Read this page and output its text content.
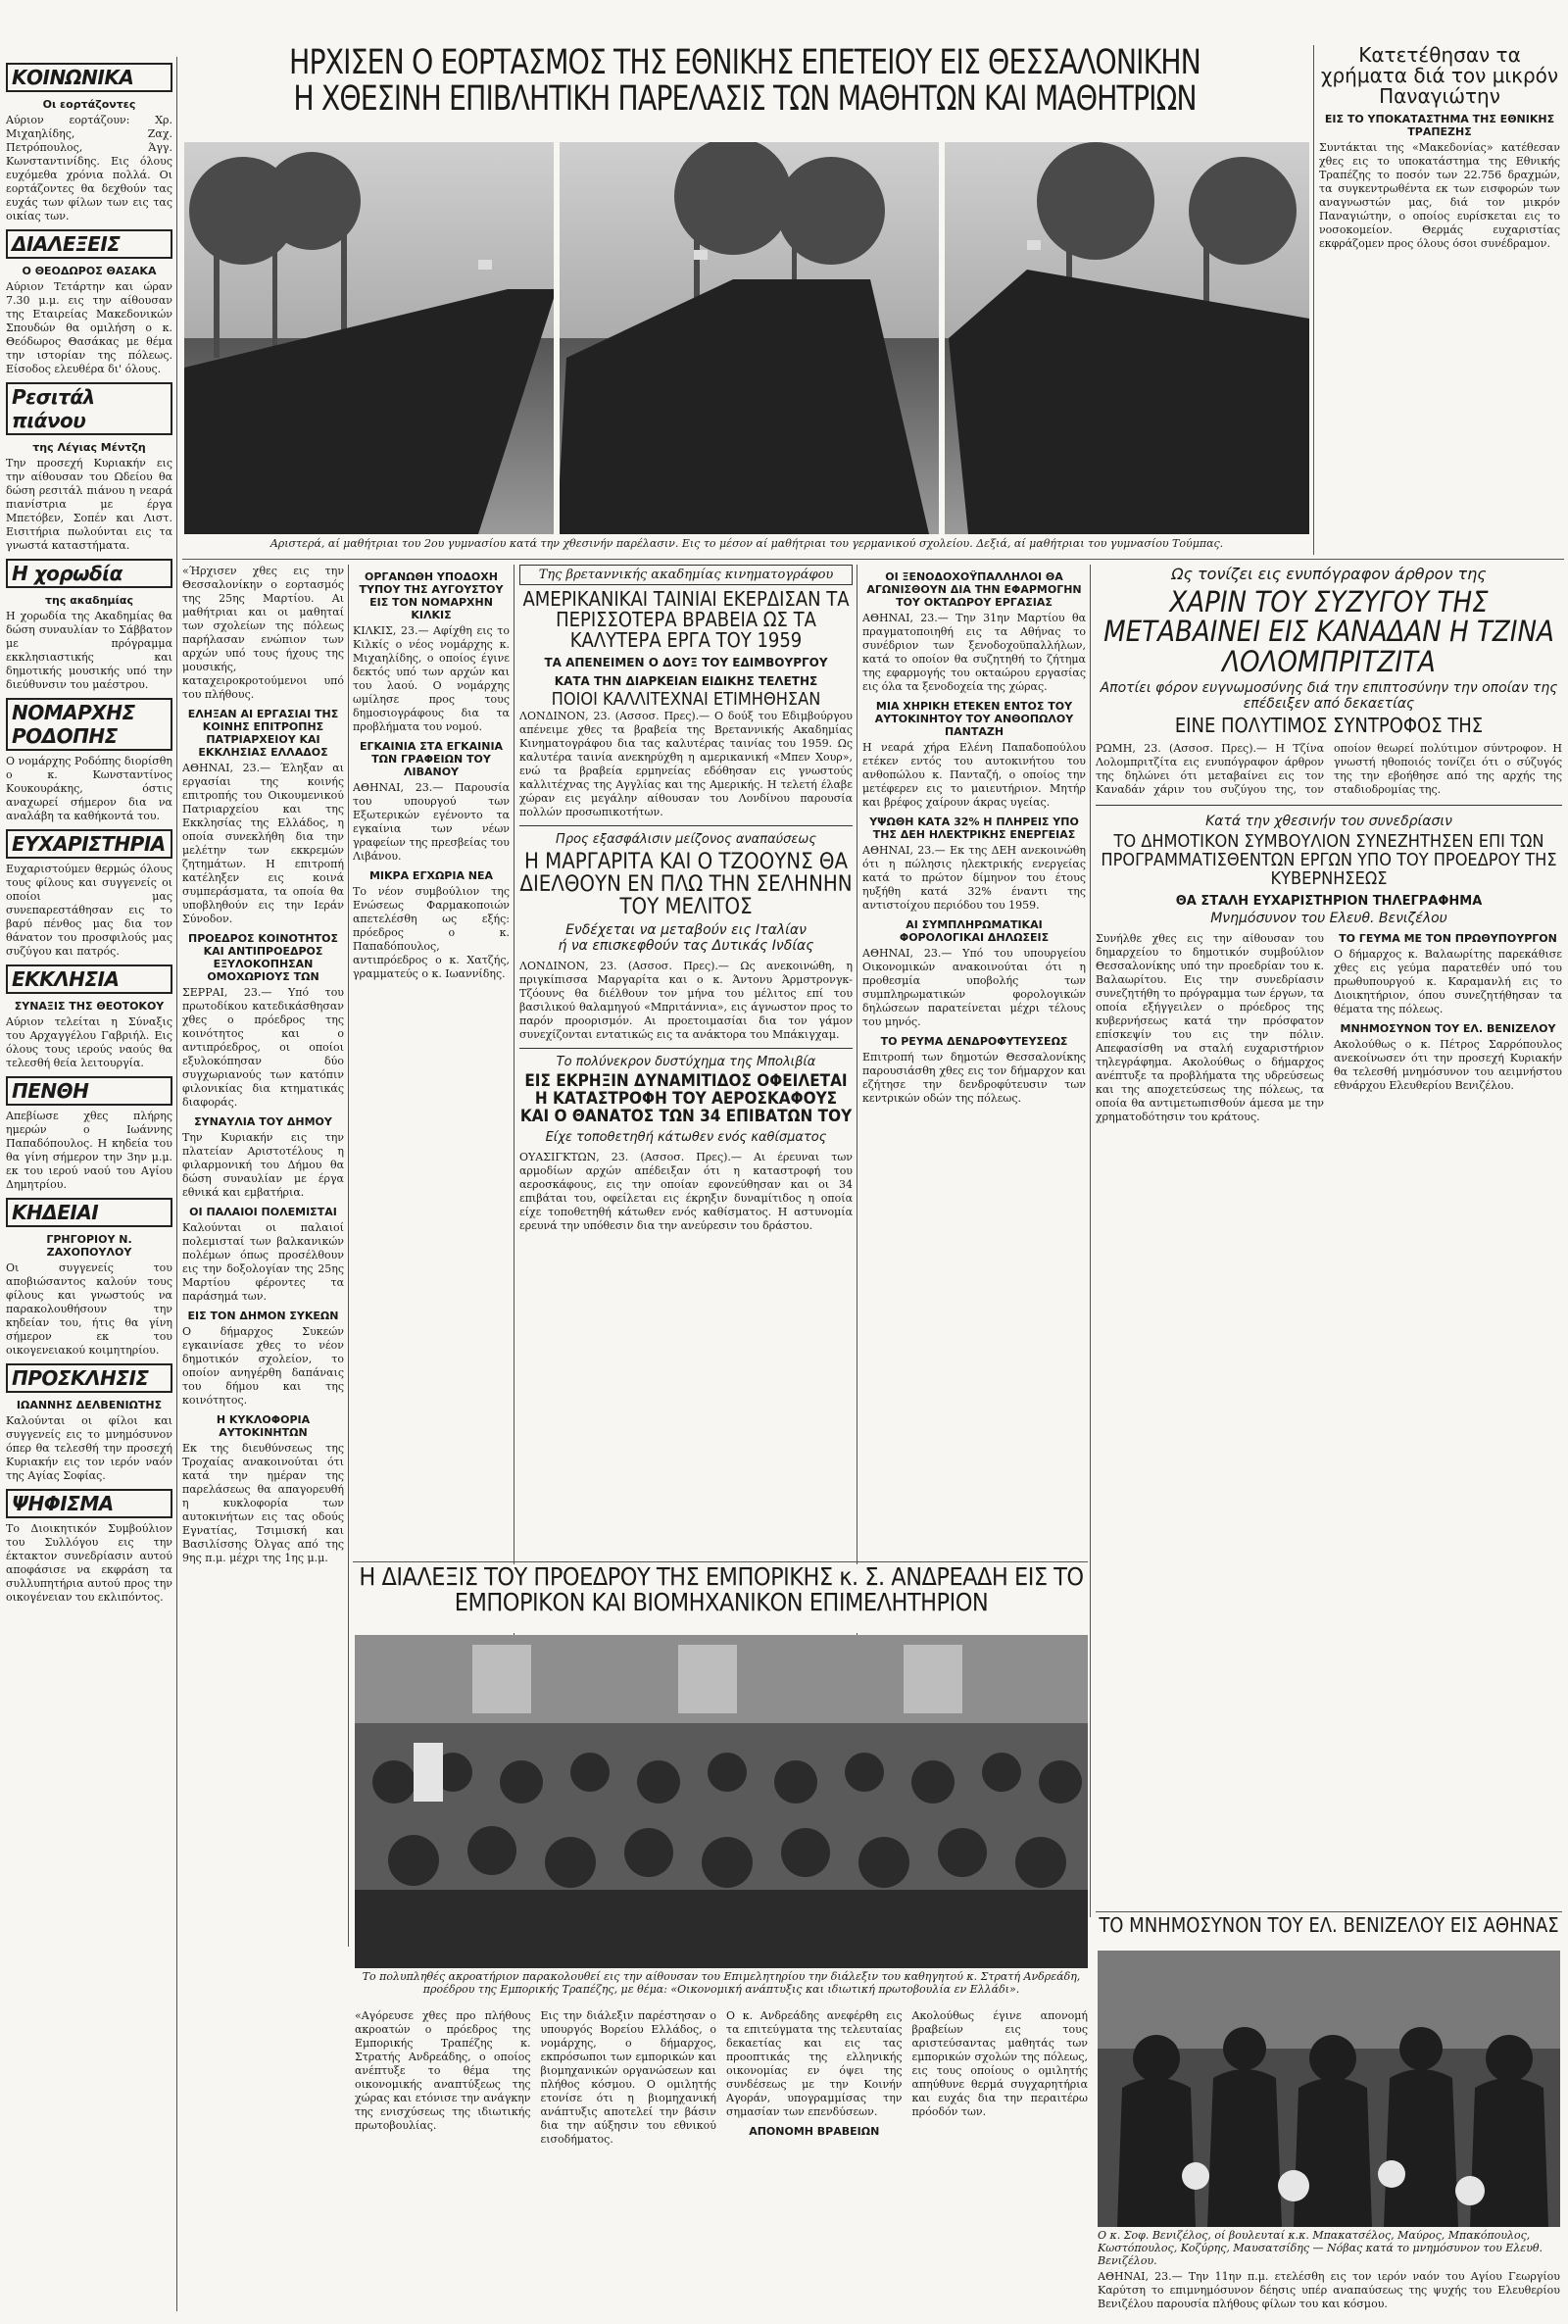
ΚΟΙΝΩΝΙΚΑ
Οι εορτάζοντες

Αύριον εορτάζουν: Χρ. Μιχαηλίδης, Ζαχ. Πετρόπουλος, Άγγ. Κωνσταντινίδης. Εις όλους ευχόμεθα χρόνια πολλά. Οι εορτάζοντες θα δεχθούν τας ευχάς των φίλων των εις τας οικίας των.

ΔΙΑΛΕΞΕΙΣ
Ο ΘΕΟΔΩΡΟΣ ΘΑΣΑΚΑ

Αύριον Τετάρτην και ώραν 7.30 μ.μ. εις την αίθουσαν της Εταιρείας Μακεδονικών Σπουδών θα ομιλήση ο κ. Θεόδωρος Θασάκας με θέμα την ιστορίαν της πόλεως. Είσοδος ελευθέρα δι' όλους.

Ρεσιτάλ πιάνου
της Λέγιας Μέντζη

Την προσεχή Κυριακήν εις την αίθουσαν του Ωδείου θα δώση ρεσιτάλ πιάνου η νεαρά πιανίστρια με έργα Μπετόβεν, Σοπέν και Λιστ. Εισιτήρια πωλούνται εις τα γνωστά καταστήματα.

Η χορωδία
της ακαδημίας

Η χορωδία της Ακαδημίας θα δώση συναυλίαν το Σάββατον με πρόγραμμα εκκλησιαστικής και δημοτικής μουσικής υπό την διεύθυνσιν του μαέστρου.

ΝΟΜΑΡΧΗΣ ΡΟΔΟΠΗΣ

Ο νομάρχης Ροδόπης διορίσθη ο κ. Κωνσταντίνος Κουκουράκης, όστις αναχωρεί σήμερον δια να αναλάβη τα καθήκοντά του.

ΕΥΧΑΡΙΣΤΗΡΙΑ

Ευχαριστούμεν θερμώς όλους τους φίλους και συγγενείς οι οποίοι μας συνεπαρεστάθησαν εις το βαρύ πένθος μας δια τον θάνατον του προσφιλούς μας συζύγου και πατρός.

ΕΚΚΛΗΣΙΑ
ΣΥΝΑΞΙΣ ΤΗΣ ΘΕΟΤΟΚΟΥ

Αύριον τελείται η Σύναξις του Αρχαγγέλου Γαβριήλ. Εις όλους τους ιερούς ναούς θα τελεσθή θεία λειτουργία.

ΠΕΝΘΗ

Απεβίωσε χθες πλήρης ημερών ο Ιωάννης Παπαδόπουλος. Η κηδεία του θα γίνη σήμερον την 3ην μ.μ. εκ του ιερού ναού του Αγίου Δημητρίου.

ΚΗΔΕΙΑΙ
ΓΡΗΓΟΡΙΟΥ Ν. ΖΑΧΟΠΟΥΛΟΥ

Οι συγγενείς του αποβιώσαντος καλούν τους φίλους και γνωστούς να παρακολουθήσουν την κηδείαν του, ήτις θα γίνη σήμερον εκ του οικογενειακού κοιμητηρίου.

ΠΡΟΣΚΛΗΣΙΣ
ΙΩΑΝΝΗΣ ΔΕΛΒΕΝΙΩΤΗΣ

Καλούνται οι φίλοι και συγγενείς εις το μνημόσυνον όπερ θα τελεσθή την προσεχή Κυριακήν εις τον ιερόν ναόν της Αγίας Σοφίας.

ΨΗΦΙΣΜΑ

Το Διοικητικόν Συμβούλιον του Συλλόγου εις την έκτακτον συνεδρίασιν αυτού αποφάσισε να εκφράση τα συλλυπητήρια αυτού προς την οικογένειαν του εκλιπόντος.

ΗΡΧΙΣΕΝ Ο ΕΟΡΤΑΣΜΟΣ ΤΗΣ ΕΘΝΙΚΗΣ ΕΠΕΤΕΙΟΥ ΕΙΣ ΘΕΣΣΑΛΟΝΙΚΗΝ
Η ΧΘΕΣΙΝΗ ΕΠΙΒΛΗΤΙΚΗ ΠΑΡΕΛΑΣΙΣ ΤΩΝ ΜΑΘΗΤΩΝ ΚΑΙ ΜΑΘΗΤΡΙΩΝ
Αριστερά, αί μαθήτριαι του 2ου γυμνασίου κατά την χθεσινήν παρέλασιν. Εις το μέσον αί μαθήτριαι του γερμανικού σχολείου. Δεξιά, αί μαθήτριαι του γυμνασίου Τούμπας.
Κατετέθησαν τα χρήματα διά τον μικρόν Παναγιώτην
ΕΙΣ ΤΟ ΥΠΟΚΑΤΑΣΤΗΜΑ ΤΗΣ ΕΘΝΙΚΗΣ ΤΡΑΠΕΖΗΣ

Συντάκται της «Μακεδονίας» κατέθεσαν χθες εις το υποκατάστημα της Εθνικής Τραπέζης το ποσόν των 22.756 δραχμών, τα συγκεντρωθέντα εκ των εισφορών των αναγνωστών μας, διά τον μικρόν Παναγιώτην, ο οποίος ευρίσκεται εις το νοσοκομείον. Θερμάς ευχαριστίας εκφράζομεν προς όλους όσοι συνέδραμον.

«Ήρχισεν χθες εις την Θεσσαλονίκην ο εορτασμός της 25ης Μαρτίου. Αι μαθήτριαι και οι μαθηταί των σχολείων της πόλεως παρήλασαν ενώπιον των αρχών υπό τους ήχους της μουσικής, καταχειροκροτούμενοι υπό του πλήθους.

ΕΛΗΞΑΝ ΑΙ ΕΡΓΑΣΙΑΙ ΤΗΣ ΚΟΙΝΗΣ ΕΠΙΤΡΟΠΗΣ ΠΑΤΡΙΑΡΧΕΙΟΥ ΚΑΙ ΕΚΚΛΗΣΙΑΣ ΕΛΛΑΔΟΣ

ΑΘΗΝΑΙ, 23.— Έληξαν αι εργασίαι της κοινής επιτροπής του Οικουμενικού Πατριαρχείου και της Εκκλησίας της Ελλάδος, η οποία συνεκλήθη δια την μελέτην των εκκρεμών ζητημάτων. Η επιτροπή κατέληξεν εις κοινά συμπεράσματα, τα οποία θα υποβληθούν εις την Ιεράν Σύνοδον.

ΠΡΟΕΔΡΟΣ ΚΟΙΝΟΤΗΤΟΣ ΚΑΙ ΑΝΤΙΠΡΟΕΔΡΟΣ ΕΞΥΛΟΚΟΠΗΣΑΝ ΟΜΟΧΩΡΙΟΥΣ ΤΩΝ

ΣΕΡΡΑΙ, 23.— Υπό του πρωτοδίκου κατεδικάσθησαν χθες ο πρόεδρος της κοινότητος και ο αντιπρόεδρος, οι οποίοι εξυλοκόπησαν δύο συγχωριανούς των κατόπιν φιλονικίας δια κτηματικάς διαφοράς.

ΣΥΝΑΥΛΙΑ ΤΟΥ ΔΗΜΟΥ

Την Κυριακήν εις την πλατείαν Αριστοτέλους η φιλαρμονική του Δήμου θα δώση συναυλίαν με έργα εθνικά και εμβατήρια.

ΟΙ ΠΑΛΑΙΟΙ ΠΟΛΕΜΙΣΤΑΙ

Καλούνται οι παλαιοί πολεμισταί των βαλκανικών πολέμων όπως προσέλθουν εις την δοξολογίαν της 25ης Μαρτίου φέροντες τα παράσημά των.

ΕΙΣ ΤΟΝ ΔΗΜΟΝ ΣΥΚΕΩΝ

Ο δήμαρχος Συκεών εγκαινίασε χθες το νέον δημοτικόν σχολείον, το οποίον ανηγέρθη δαπάναις του δήμου και της κοινότητος.

Η ΚΥΚΛΟΦΟΡΙΑ ΑΥΤΟΚΙΝΗΤΩΝ

Εκ της διευθύνσεως της Τροχαίας ανακοινούται ότι κατά την ημέραν της παρελάσεως θα απαγορευθή η κυκλοφορία των αυτοκινήτων εις τας οδούς Εγνατίας, Τσιμισκή και Βασιλίσσης Όλγας από της 9ης π.μ. μέχρι της 1ης μ.μ.

ΟΡΓΑΝΩΘΗ ΥΠΟΔΟΧΗ ΤΥΠΟΥ ΤΗΣ ΑΥΓΟΥΣΤΟΥ ΕΙΣ ΤΟΝ ΝΟΜΑΡΧΗΝ ΚΙΛΚΙΣ

ΚΙΛΚΙΣ, 23.— Αφίχθη εις το Κιλκίς ο νέος νομάρχης κ. Μιχαηλίδης, ο οποίος έγινε δεκτός υπό των αρχών και του λαού. Ο νομάρχης ωμίλησε προς τους δημοσιογράφους δια τα προβλήματα του νομού.

ΕΓΚΑΙΝΙΑ ΣΤΑ ΕΓΚΑΙΝΙΑ ΤΩΝ ΓΡΑΦΕΙΩΝ ΤΟΥ ΛΙΒΑΝΟΥ

ΑΘΗΝΑΙ, 23.— Παρουσία του υπουργού των Εξωτερικών εγένοντο τα εγκαίνια των νέων γραφείων της πρεσβείας του Λιβάνου.

ΜΙΚΡΑ ΕΓΧΩΡΙΑ ΝΕΑ

Το νέον συμβούλιον της Ενώσεως Φαρμακοποιών απετελέσθη ως εξής: πρόεδρος ο κ. Παπαδόπουλος, αντιπρόεδρος ο κ. Χατζής, γραμματεύς ο κ. Ιωαννίδης.

Της βρεταννικής ακαδημίας κινηματογράφου
ΑΜΕΡΙΚΑΝΙΚΑΙ ΤΑΙΝΙΑΙ ΕΚΕΡΔΙΣΑΝ ΤΑ ΠΕΡΙΣΣΟΤΕΡΑ ΒΡΑΒΕΙΑ ΩΣ ΤΑ ΚΑΛΥΤΕΡΑ ΕΡΓΑ ΤΟΥ 1959
ΤΑ ΑΠΕΝΕΙΜΕΝ Ο ΔΟΥΞ ΤΟΥ ΕΔΙΜΒΟΥΡΓΟΥ
ΚΑΤΑ ΤΗΝ ΔΙΑΡΚΕΙΑΝ ΕΙΔΙΚΗΣ ΤΕΛΕΤΗΣ
ΠΟΙΟΙ ΚΑΛΛΙΤΕΧΝΑΙ ΕΤΙΜΗΘΗΣΑΝ

ΛΟΝΔΙΝΟΝ, 23. (Ασσοσ. Πρες).— Ο δούξ του Εδιμβούργου απένειμε χθες τα βραβεία της Βρεταννικής Ακαδημίας Κινηματογράφου δια τας καλυτέρας ταινίας του 1959. Ως καλυτέρα ταινία ανεκηρύχθη η αμερικανική «Μπεν Χουρ», ενώ τα βραβεία ερμηνείας εδόθησαν εις γνωστούς καλλιτέχνας της Αγγλίας και της Αμερικής. Η τελετή έλαβε χώραν εις μεγάλην αίθουσαν του Λονδίνου παρουσία πολλών προσωπικοτήτων.

Προς εξασφάλισιν μείζονος αναπαύσεως
Η ΜΑΡΓΑΡΙΤΑ ΚΑΙ Ο ΤΖΟΟΥΝΣ ΘΑ ΔΙΕΛΘΟΥΝ ΕΝ ΠΛΩ ΤΗΝ ΣΕΛΗΝΗΝ ΤΟΥ ΜΕΛΙΤΟΣ
Ενδέχεται να μεταβούν εις Ιταλίαν
ή να επισκεφθούν τας Δυτικάς Ινδίας

ΛΟΝΔΙΝΟΝ, 23. (Ασσοσ. Πρες).— Ως ανεκοινώθη, η πριγκίπισσα Μαργαρίτα και ο κ. Άντονυ Άρμστρονγκ-Τζόουνς θα διέλθουν τον μήνα του μέλιτος επί του βασιλικού θαλαμηγού «Μπριτάννια», εις άγνωστον προς το παρόν προορισμόν. Αι προετοιμασίαι δια τον γάμον συνεχίζονται εντατικώς εις τα ανάκτορα του Μπάκιγχαμ.

Το πολύνεκρον δυστύχημα της Μπολιβία
ΕΙΣ ΕΚΡΗΞΙΝ ΔΥΝΑΜΙΤΙΔΟΣ ΟΦΕΙΛΕΤΑΙ Η ΚΑΤΑΣΤΡΟΦΗ ΤΟΥ ΑΕΡΟΣΚΑΦΟΥΣ ΚΑΙ Ο ΘΑΝΑΤΟΣ ΤΩΝ 34 ΕΠΙΒΑΤΩΝ ΤΟΥ
Είχε τοποθετηθή κάτωθεν ενός καθίσματος

ΟΥΑΣΙΓΚΤΩΝ, 23. (Ασσοσ. Πρες).— Αι έρευναι των αρμοδίων αρχών απέδειξαν ότι η καταστροφή του αεροσκάφους, εις την οποίαν εφονεύθησαν και οι 34 επιβάται του, οφείλεται εις έκρηξιν δυναμίτιδος η οποία είχε τοποθετηθή κάτωθεν ενός καθίσματος. Η αστυνομία ερευνά την υπόθεσιν δια την ανεύρεσιν του δράστου.

ΟΙ ΞΕΝΟΔΟΧΟΫΠΑΛΛΗΛΟΙ ΘΑ ΑΓΩΝΙΣΘΟΥΝ ΔΙΑ ΤΗΝ ΕΦΑΡΜΟΓΗΝ ΤΟΥ ΟΚΤΑΩΡΟΥ ΕΡΓΑΣΙΑΣ

ΑΘΗΝΑΙ, 23.— Την 31ην Μαρτίου θα πραγματοποιηθή εις τα Αθήνας το συνέδριον των ξενοδοχοϋπαλλήλων, κατά το οποίον θα συζητηθή το ζήτημα της εφαρμογής του οκταώρου εργασίας εις όλα τα ξενοδοχεία της χώρας.

ΜΙΑ ΧΗΡΙΚΗ ΕΤΕΚΕΝ ΕΝΤΟΣ ΤΟΥ ΑΥΤΟΚΙΝΗΤΟΥ ΤΟΥ ΑΝΘΟΠΩΛΟΥ ΠΑΝΤΑΖΗ

Η νεαρά χήρα Ελένη Παπαδοπούλου ετέκεν εντός του αυτοκινήτου του ανθοπώλου κ. Πανταζή, ο οποίος την μετέφερεν εις το μαιευτήριον. Μητήρ και βρέφος χαίρουν άκρας υγείας.

ΥΨΩΘΗ ΚΑΤΑ 32% Η ΠΛΗΡΕΙΣ ΥΠΟ ΤΗΣ ΔΕΗ ΗΛΕΚΤΡΙΚΗΣ ΕΝΕΡΓΕΙΑΣ

ΑΘΗΝΑΙ, 23.— Εκ της ΔΕΗ ανεκοινώθη ότι η πώλησις ηλεκτρικής ενεργείας κατά το πρώτον δίμηνον του έτους ηυξήθη κατά 32% έναντι της αντιστοίχου περιόδου του 1959.

ΑΙ ΣΥΜΠΛΗΡΩΜΑΤΙΚΑΙ ΦΟΡΟΛΟΓΙΚΑΙ ΔΗΛΩΣΕΙΣ

ΑΘΗΝΑΙ, 23.— Υπό του υπουργείου Οικονομικών ανακοινούται ότι η προθεσμία υποβολής των συμπληρωματικών φορολογικών δηλώσεων παρατείνεται μέχρι τέλους του μηνός.

ΤΟ ΡΕΥΜΑ ΔΕΝΔΡΟΦΥΤΕΥΣΕΩΣ

Επιτροπή των δημοτών Θεσσαλονίκης παρουσιάσθη χθες εις τον δήμαρχον και εζήτησε την δενδροφύτευσιν των κεντρικών οδών της πόλεως.

Ως τονίζει εις ενυπόγραφον άρθρον της
ΧΑΡΙΝ ΤΟΥ ΣΥΖΥΓΟΥ ΤΗΣ ΜΕΤΑΒΑΙΝΕΙ ΕΙΣ ΚΑΝΑΔΑΝ Η ΤΖΙΝΑ ΛΟΛΟΜΠΡΙΤΖΙΤΑ
Αποτίει φόρον ευγνωμοσύνης διά την επιπτοσύνην την οποίαν της επέδειξεν από δεκαετίας
ΕΙΝΕ ΠΟΛΥΤΙΜΟΣ ΣΥΝΤΡΟΦΟΣ ΤΗΣ

ΡΩΜΗ, 23. (Ασσοσ. Πρες).— Η Τζίνα Λολομπριτζίτα εις ενυπόγραφον άρθρον της δηλώνει ότι μεταβαίνει εις τον Καναδάν χάριν του συζύγου της, τον οποίον θεωρεί πολύτιμον σύντροφον. Η γνωστή ηθοποιός τονίζει ότι ο σύζυγός της την εβοήθησε από της αρχής της σταδιοδρομίας της.

Κατά την χθεσινήν του συνεδρίασιν
ΤΟ ΔΗΜΟΤΙΚΟΝ ΣΥΜΒΟΥΛΙΟΝ ΣΥΝΕΖΗΤΗΣΕΝ ΕΠΙ ΤΩΝ ΠΡΟΓΡΑΜΜΑΤΙΣΘΕΝΤΩΝ ΕΡΓΩΝ ΥΠΟ ΤΟΥ ΠΡΟΕΔΡΟΥ ΤΗΣ ΚΥΒΕΡΝΗΣΕΩΣ
ΘΑ ΣΤΑΛΗ ΕΥΧΑΡΙΣΤΗΡΙΟΝ ΤΗΛΕΓΡΑΦΗΜΑ
Μνημόσυνον του Ελευθ. Βενιζέλου

Συνήλθε χθες εις την αίθουσαν του δημαρχείου το δημοτικόν συμβούλιον Θεσσαλονίκης υπό την προεδρίαν του κ. Βαλαωρίτου. Εις την συνεδρίασιν συνεζητήθη το πρόγραμμα των έργων, τα οποία εξήγγειλεν ο πρόεδρος της κυβερνήσεως κατά την πρόσφατον επίσκεψίν του εις την πόλιν. Απεφασίσθη να σταλή ευχαριστήριον τηλεγράφημα. Ακολούθως ο δήμαρχος ανέπτυξε τα προβλήματα της υδρεύσεως και της αποχετεύσεως της πόλεως, τα οποία θα αντιμετωπισθούν άμεσα με την χρηματοδότησιν του κράτους.

ΤΟ ΓΕΥΜΑ ΜΕ ΤΟΝ ΠΡΩΘΥΠΟΥΡΓΟΝ

Ο δήμαρχος κ. Βαλαωρίτης παρεκάθισε χθες εις γεύμα παρατεθέν υπό του πρωθυπουργού κ. Καραμανλή εις το Διοικητήριον, όπου συνεζητήθησαν τα θέματα της πόλεως.

ΜΝΗΜΟΣΥΝΟΝ ΤΟΥ ΕΛ. ΒΕΝΙΖΕΛΟΥ

Ακολούθως ο κ. Πέτρος Σαρρόπουλος ανεκοίνωσεν ότι την προσεχή Κυριακήν θα τελεσθή μνημόσυνον του αειμνήστου εθνάρχου Ελευθερίου Βενιζέλου.

Η ΔΙΑΛΕΞΙΣ ΤΟΥ ΠΡΟΕΔΡΟΥ ΤΗΣ ΕΜΠΟΡΙΚΗΣ κ. Σ. ΑΝΔΡΕΑΔΗ ΕΙΣ ΤΟ ΕΜΠΟΡΙΚΟΝ ΚΑΙ ΒΙΟΜΗΧΑΝΙΚΟΝ ΕΠΙΜΕΛΗΤΗΡΙΟΝ
Το πολυπληθές ακροατήριον παρακολουθεί εις την αίθουσαν του Επιμελητηρίου την διάλεξιν του καθηγητού κ. Στρατή Ανδρεάδη, προέδρου της Εμπορικής Τραπέζης, με θέμα: «Οικονομική ανάπτυξις και ιδιωτική πρωτοβουλία εν Ελλάδι».

«Αγόρευσε χθες προ πλήθους ακροατών ο πρόεδρος της Εμπορικής Τραπέζης κ. Στρατής Ανδρεάδης, ο οποίος ανέπτυξε το θέμα της οικονομικής αναπτύξεως της χώρας και ετόνισε την ανάγκην της ενισχύσεως της ιδιωτικής πρωτοβουλίας.

Εις την διάλεξιν παρέστησαν ο υπουργός Βορείου Ελλάδος, ο νομάρχης, ο δήμαρχος, εκπρόσωποι των εμπορικών και βιομηχανικών οργανώσεων και πλήθος κόσμου. Ο ομιλητής ετονίσε ότι η βιομηχανική ανάπτυξις αποτελεί την βάσιν δια την αύξησιν του εθνικού εισοδήματος.

Ο κ. Ανδρεάδης ανεφέρθη εις τα επιτεύγματα της τελευταίας δεκαετίας και εις τας προοπτικάς της ελληνικής οικονομίας εν όψει της συνδέσεως με την Κοινήν Αγοράν, υπογραμμίσας την σημασίαν των επενδύσεων.

ΑΠΟΝΟΜΗ ΒΡΑΒΕΙΩΝ

Ακολούθως έγινε απονομή βραβείων εις τους αριστεύσαντας μαθητάς των εμπορικών σχολών της πόλεως, εις τους οποίους ο ομιλητής απηύθυνε θερμά συγχαρητήρια και ευχάς δια την περαιτέρω πρόοδόν των.

ΤΟ ΜΝΗΜΟΣΥΝΟΝ ΤΟΥ ΕΛ. ΒΕΝΙΖΕΛΟΥ ΕΙΣ ΑΘΗΝΑΣ
Ο κ. Σοφ. Βενιζέλος, οί βουλευταί κ.κ. Μπακατσέλος, Μαύρος, Μπακόπουλος, Κωστόπουλος, Κοζύρης, Μαυσατσίδης — Νόβας κατά το μνημόσυνον του Ελευθ. Βενιζέλου.

ΑΘΗΝΑΙ, 23.— Την 11ην π.μ. ετελέσθη εις τον ιερόν ναόν του Αγίου Γεωργίου Καρύτση το επιμνημόσυνον δέησις υπέρ αναπαύσεως της ψυχής του Ελευθερίου Βενιζέλου παρουσία πλήθους φίλων του και κόσμου.
